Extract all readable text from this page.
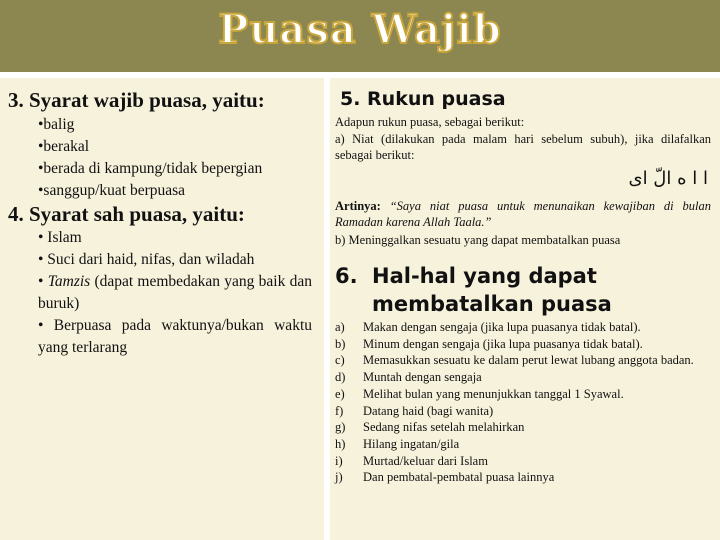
Puasa Wajib
3. Syarat wajib puasa, yaitu:
•balig
•berakal
•berada di kampung/tidak bepergian
•sanggup/kuat berpuasa
4. Syarat sah puasa, yaitu:
• Islam
• Suci dari haid, nifas, dan wiladah
• Tamzis (dapat membedakan yang baik dan buruk)
• Berpuasa pada waktunya/bukan waktu yang terlarang
5. Rukun puasa
Adapun rukun puasa, sebagai berikut:
a) Niat (dilakukan pada malam hari sebelum subuh), jika dilafalkan sebagai berikut:
ا ا ه الّ ای
Artinya: “Saya niat puasa untuk menunaikan kewajiban di bulan Ramadan karena Allah Taala.”
b) Meninggalkan sesuatu yang dapat membatalkan puasa
6. Hal-hal yang dapat membatalkan puasa
a)	Makan dengan sengaja (jika lupa puasanya tidak batal).
b)	Minum dengan sengaja (jika lupa puasanya tidak batal).
c)	Memasukkan sesuatu ke dalam perut lewat lubang anggota badan.
d)	Muntah dengan sengaja
e)	Melihat bulan yang menunjukkan tanggal 1 Syawal.
f)	Datang haid (bagi wanita)
g)	Sedang nifas setelah melahirkan
h)	Hilang ingatan/gila
i)	Murtad/keluar dari Islam
j)	Dan pembatal-pembatal puasa lainnya
